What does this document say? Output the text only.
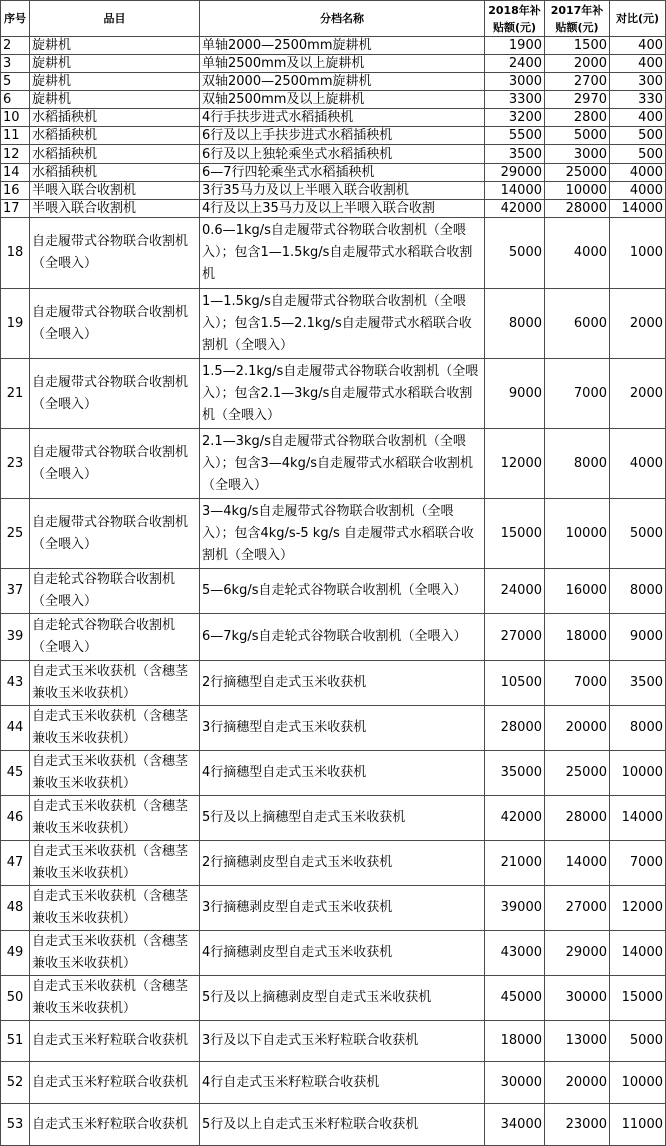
序号	品目	分档名称	2018年补贴额(元)	2017年补贴额(元)	对比(元)
2	旋耕机	单轴2000—2500mm旋耕机	1900	1500	400
3	旋耕机	单轴2500mm及以上旋耕机	2400	2000	400
5	旋耕机	双轴2000—2500mm旋耕机	3000	2700	300
6	旋耕机	双轴2500mm及以上旋耕机	3300	2970	330
10	水稻插秧机	4行手扶步进式水稻插秧机	3200	2800	400
11	水稻插秧机	6行及以上手扶步进式水稻插秧机	5500	5000	500
12	水稻插秧机	6行及以上独轮乘坐式水稻插秧机	3500	3000	500
14	水稻插秧机	6—7行四轮乘坐式水稻插秧机	29000	25000	4000
16	半喂入联合收割机	3行35马力及以上半喂入联合收割机	14000	10000	4000
17	半喂入联合收割机	4行及以上35马力及以上半喂入联合收割	42000	28000	14000
18	自走履带式谷物联合收割机（全喂入）	0.6—1kg/s自走履带式谷物联合收割机（全喂入）；包含1—1.5kg/s自走履带式水稻联合收割机	5000	4000	1000
19	自走履带式谷物联合收割机（全喂入）	1—1.5kg/s自走履带式谷物联合收割机（全喂入）；包含1.5—2.1kg/s自走履带式水稻联合收割机（全喂入）	8000	6000	2000
21	自走履带式谷物联合收割机（全喂入）	1.5—2.1kg/s自走履带式谷物联合收割机（全喂入）；包含2.1—3kg/s自走履带式水稻联合收割机（全喂入）	9000	7000	2000
23	自走履带式谷物联合收割机（全喂入）	2.1—3kg/s自走履带式谷物联合收割机（全喂入）；包含3—4kg/s自走履带式水稻联合收割机（全喂入）	12000	8000	4000
25	自走履带式谷物联合收割机（全喂入）	3—4kg/s自走履带式谷物联合收割机（全喂入）；包含4kg/s-5 kg/s 自走履带式水稻联合收割机（全喂入）	15000	10000	5000
37	自走轮式谷物联合收割机（全喂入）	5—6kg/s自走轮式谷物联合收割机（全喂入）	24000	16000	8000
39	自走轮式谷物联合收割机（全喂入）	6—7kg/s自走轮式谷物联合收割机（全喂入）	27000	18000	9000
43	自走式玉米收获机（含穗茎兼收玉米收获机）	2行摘穗型自走式玉米收获机	10500	7000	3500
44	自走式玉米收获机（含穗茎兼收玉米收获机）	3行摘穗型自走式玉米收获机	28000	20000	8000
45	自走式玉米收获机（含穗茎兼收玉米收获机）	4行摘穗型自走式玉米收获机	35000	25000	10000
46	自走式玉米收获机（含穗茎兼收玉米收获机）	5行及以上摘穗型自走式玉米收获机	42000	28000	14000
47	自走式玉米收获机（含穗茎兼收玉米收获机）	2行摘穗剥皮型自走式玉米收获机	21000	14000	7000
48	自走式玉米收获机（含穗茎兼收玉米收获机）	3行摘穗剥皮型自走式玉米收获机	39000	27000	12000
49	自走式玉米收获机（含穗茎兼收玉米收获机）	4行摘穗剥皮型自走式玉米收获机	43000	29000	14000
50	自走式玉米收获机（含穗茎兼收玉米收获机）	5行及以上摘穗剥皮型自走式玉米收获机	45000	30000	15000
51	自走式玉米籽粒联合收获机	3行及以下自走式玉米籽粒联合收获机	18000	13000	5000
52	自走式玉米籽粒联合收获机	4行自走式玉米籽粒联合收获机	30000	20000	10000
53	自走式玉米籽粒联合收获机	5行及以上自走式玉米籽粒联合收获机	34000	23000	11000
